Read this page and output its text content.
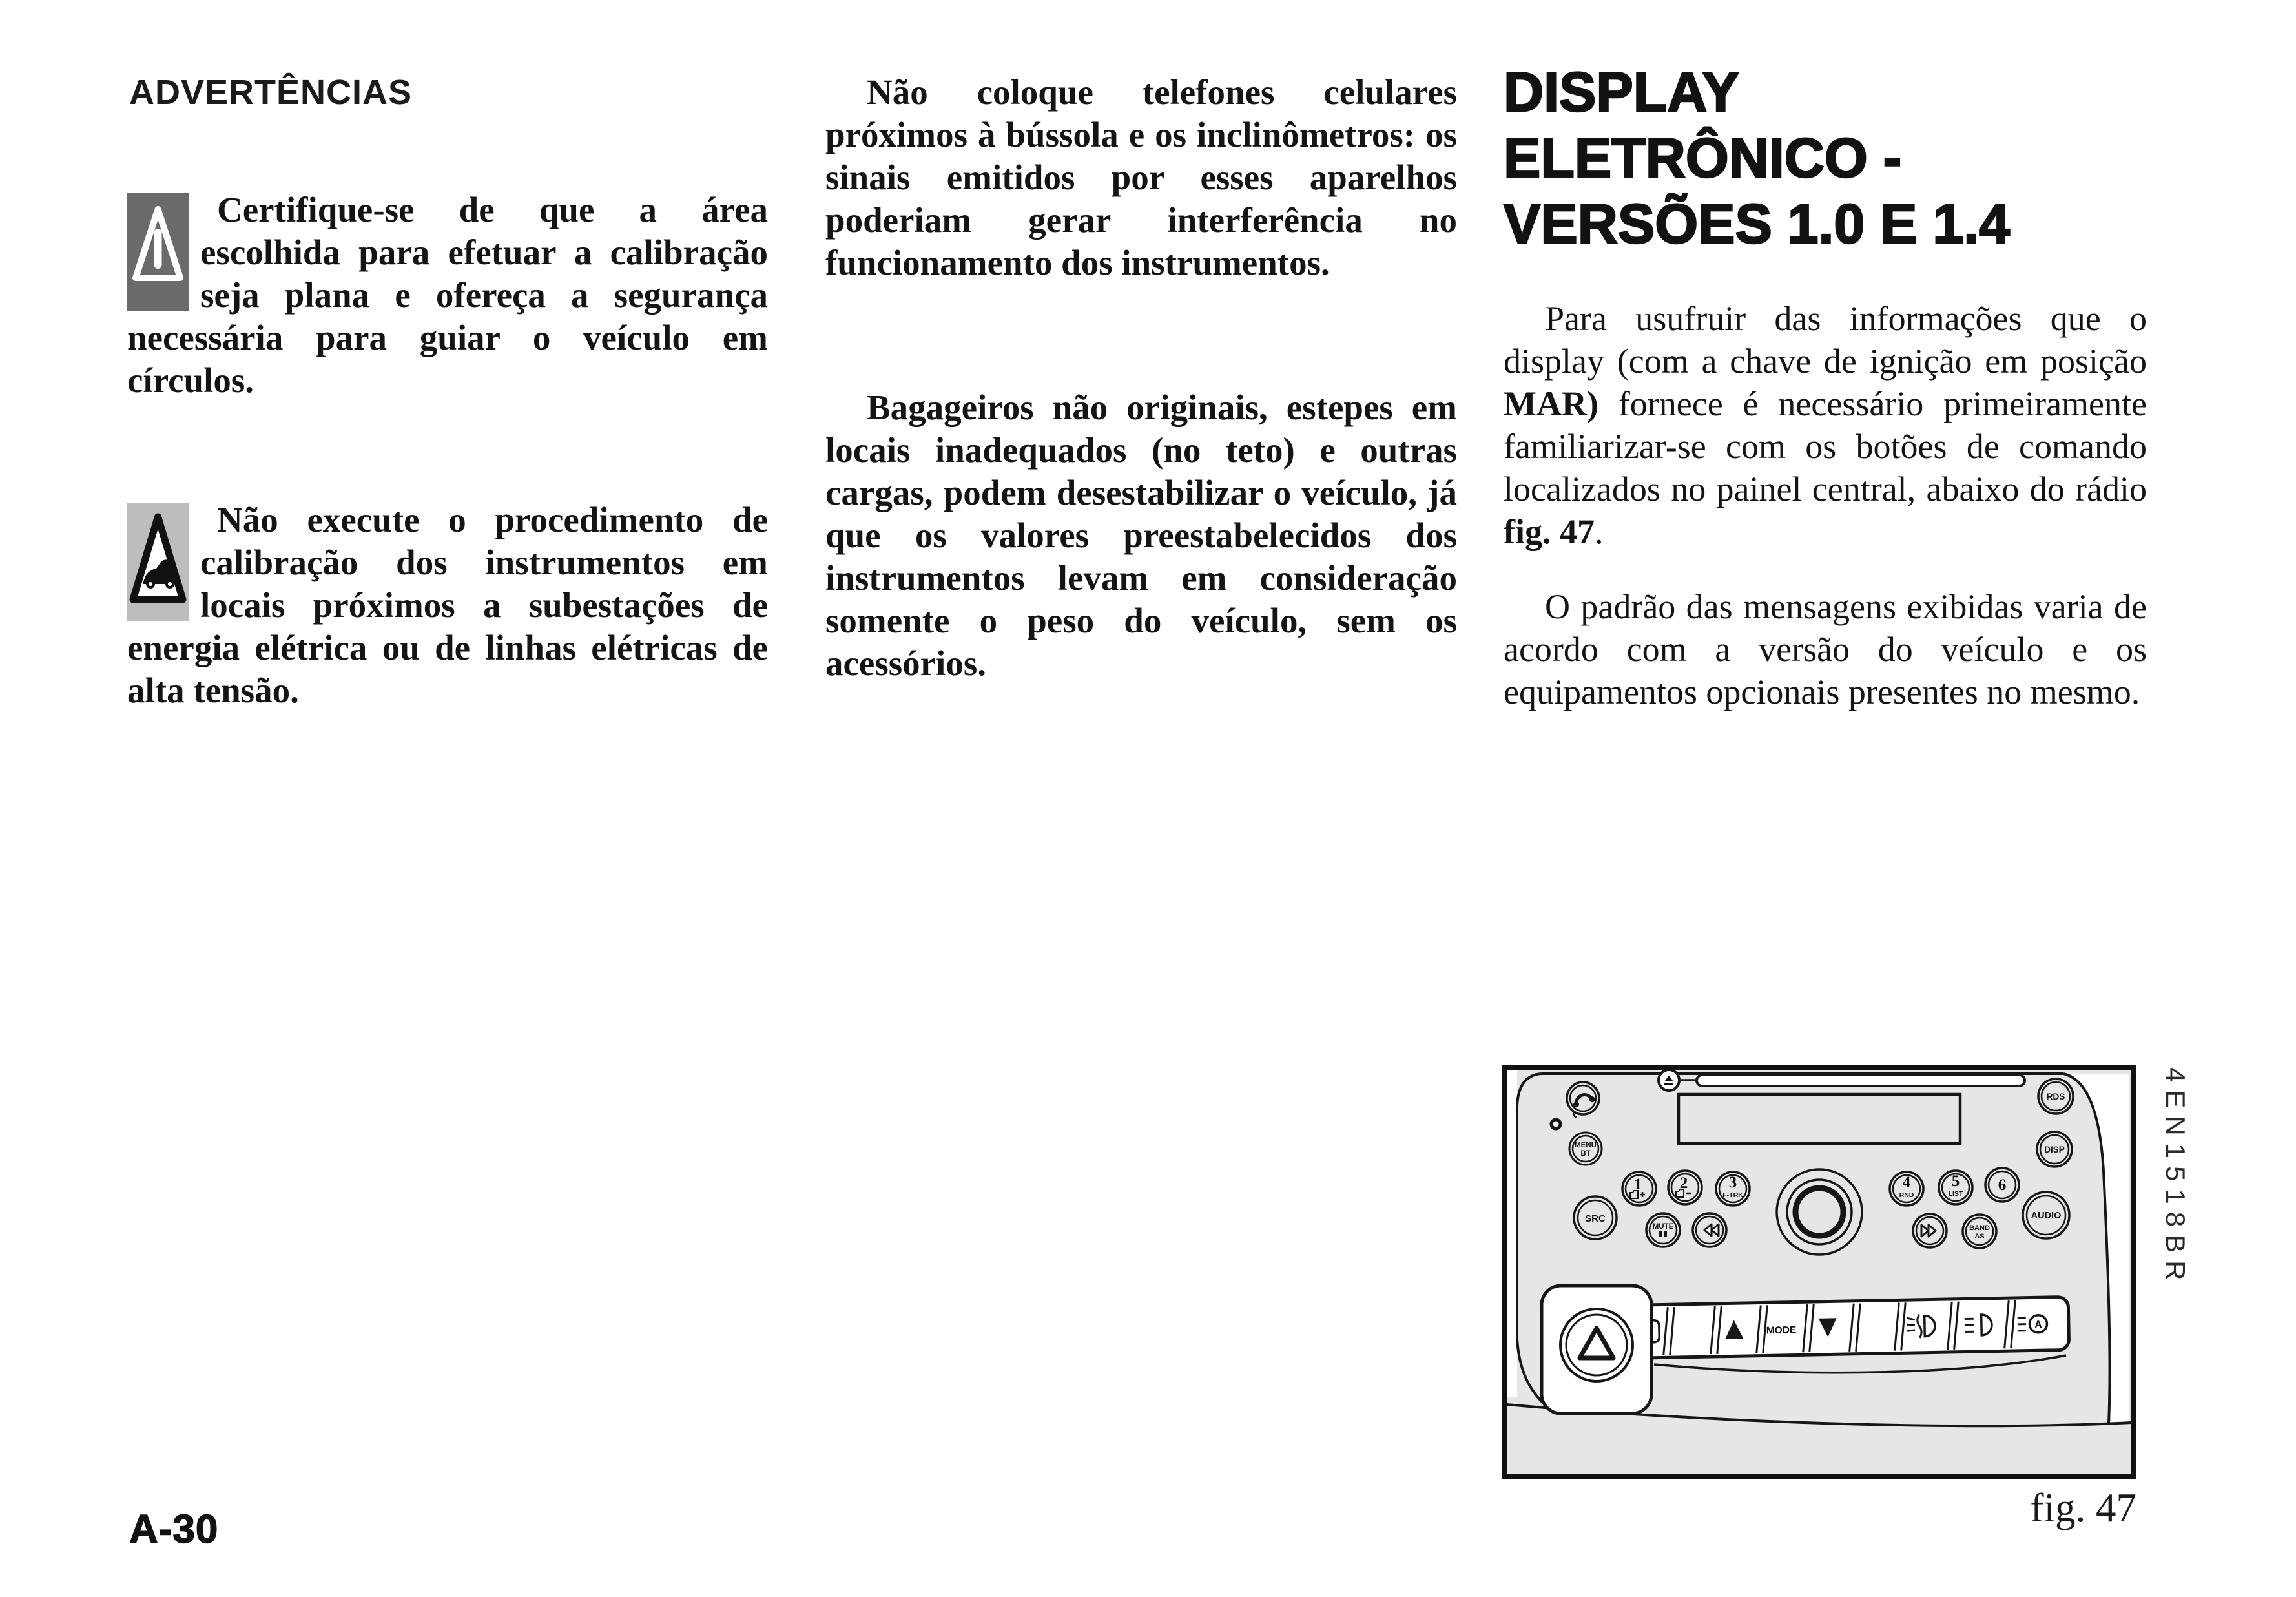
ADVERTÊNCIAS

Certifique-se de que a área escolhida para efetuar a calibração seja plana e ofereça a segurança necessária para guiar o veículo em círculos.

Não execute o procedimento de calibração dos instrumentos em locais próximos a subestações de energia elétrica ou de linhas elétricas de alta tensão.

Não coloque telefones celulares próximos à bússola e os inclinômetros: os sinais emitidos por esses aparelhos poderiam gerar interferência no funcionamento dos instrumentos.

Bagageiros não originais, estepes em locais inadequados (no teto) e outras cargas, podem desestabilizar o veículo, já que os valores preestabelecidos dos instrumentos levam em consideração somente o peso do veículo, sem os acessórios.

DISPLAY
ELETRÔNICO -
VERSÕES 1.0 E 1.4

Para usufruir das informações que o display (com a chave de ignição em posição MAR) fornece é necessário primeiramente familiarizar-se com os botões de comando localizados no painel central, abaixo do rádio fig. 47.

O padrão das mensagens exibidas varia de acordo com a versão do veículo e os equipamentos opcionais presentes no mesmo.

MENU
BT
SRC
1 2	3
F-TRK
MUTE
4
RND
5
LIST 6
BAND
AS
AUDIO
RDS
DISP
MODE	A
4EN1518BR
fig. 47
A-30
